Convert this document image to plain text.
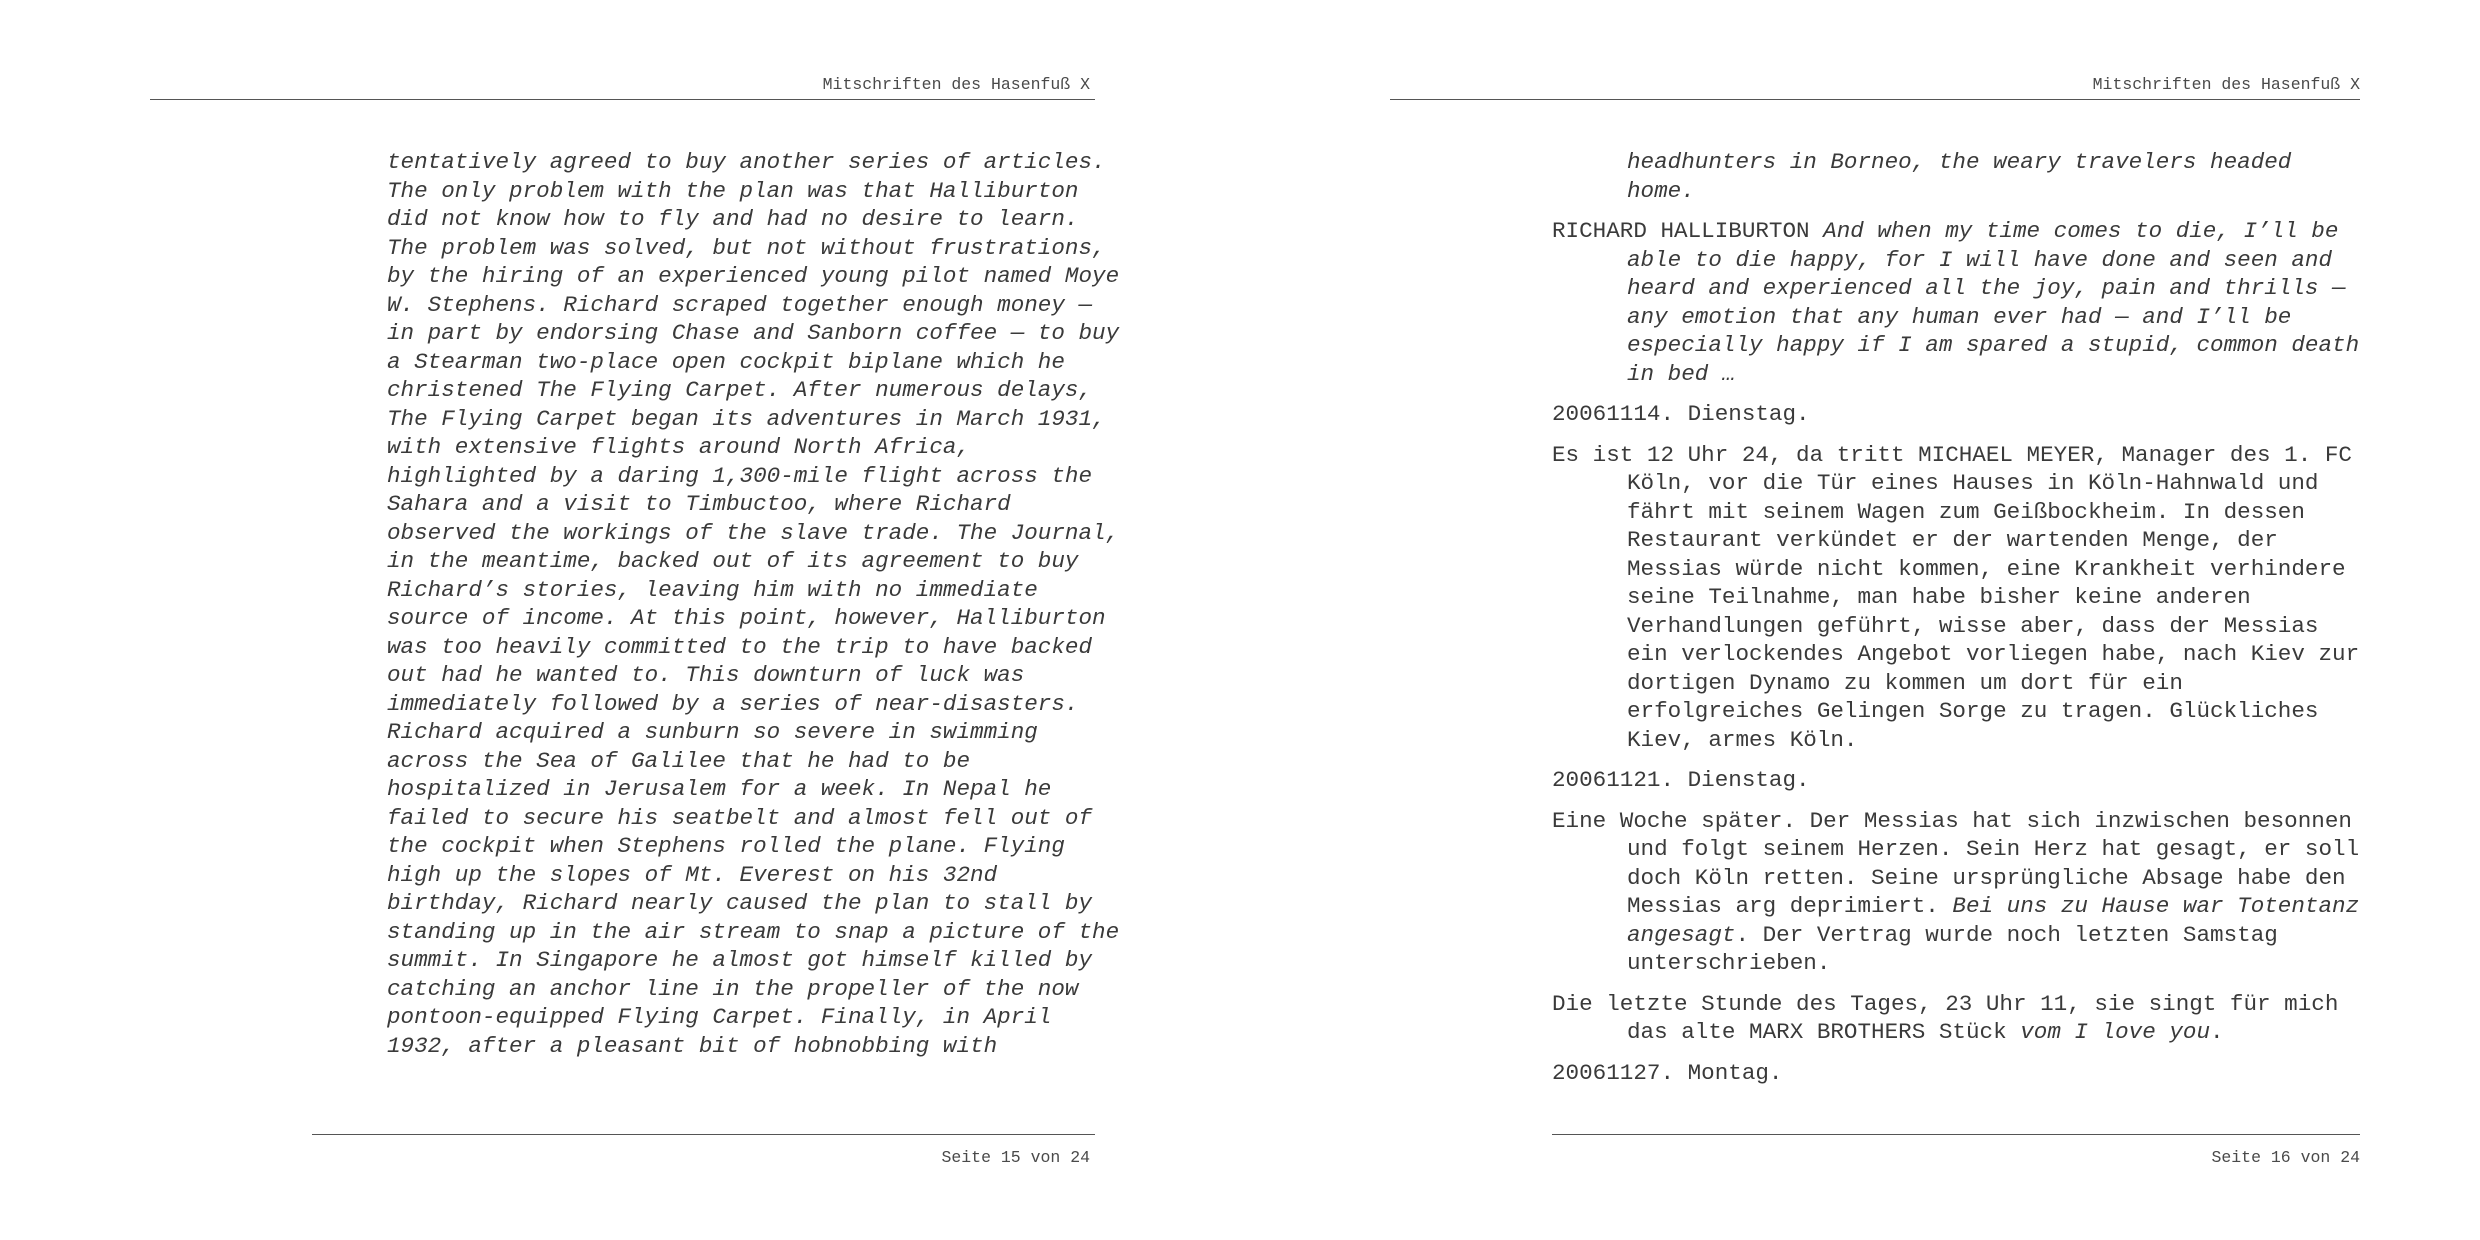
Mitschriften des Hasenfuß X
tentatively agreed to buy another series of articles.
The only problem with the plan was that Halliburton
did not know how to fly and had no desire to learn.
The problem was solved, but not without frustrations,
by the hiring of an experienced young pilot named Moye
W. Stephens. Richard scraped together enough money —
in part by endorsing Chase and Sanborn coffee — to buy
a Stearman two-place open cockpit biplane which he
christened The Flying Carpet. After numerous delays,
The Flying Carpet began its adventures in March 1931,
with extensive flights around North Africa,
highlighted by a daring 1,300-mile flight across the
Sahara and a visit to Timbuctoo, where Richard
observed the workings of the slave trade. The Journal,
in the meantime, backed out of its agreement to buy
Richard’s stories, leaving him with no immediate
source of income. At this point, however, Halliburton
was too heavily committed to the trip to have backed
out had he wanted to. This downturn of luck was
immediately followed by a series of near-disasters.
Richard acquired a sunburn so severe in swimming
across the Sea of Galilee that he had to be
hospitalized in Jerusalem for a week. In Nepal he
failed to secure his seatbelt and almost fell out of
the cockpit when Stephens rolled the plane. Flying
high up the slopes of Mt. Everest on his 32nd
birthday, Richard nearly caused the plan to stall by
standing up in the air stream to snap a picture of the
summit. In Singapore he almost got himself killed by
catching an anchor line in the propeller of the now
pontoon-equipped Flying Carpet. Finally, in April
1932, after a pleasant bit of hobnobbing with
Seite 15 von 24
Mitschriften des Hasenfuß X
headhunters in Borneo, the weary travelers headed
home.
RICHARD HALLIBURTON And when my time comes to die, I’ll be
able to die happy, for I will have done and seen and
heard and experienced all the joy, pain and thrills —
any emotion that any human ever had — and I’ll be
especially happy if I am spared a stupid, common death
in bed …
20061114. Dienstag.
Es ist 12 Uhr 24, da tritt MICHAEL MEYER, Manager des 1. FC
Köln, vor die Tür eines Hauses in Köln-Hahnwald und
fährt mit seinem Wagen zum Geißbockheim. In dessen
Restaurant verkündet er der wartenden Menge, der
Messias würde nicht kommen, eine Krankheit verhindere
seine Teilnahme, man habe bisher keine anderen
Verhandlungen geführt, wisse aber, dass der Messias
ein verlockendes Angebot vorliegen habe, nach Kiev zur
dortigen Dynamo zu kommen um dort für ein
erfolgreiches Gelingen Sorge zu tragen. Glückliches
Kiev, armes Köln.
20061121. Dienstag.
Eine Woche später. Der Messias hat sich inzwischen besonnen
und folgt seinem Herzen. Sein Herz hat gesagt, er soll
doch Köln retten. Seine ursprüngliche Absage habe den
Messias arg deprimiert. Bei uns zu Hause war Totentanz
angesagt. Der Vertrag wurde noch letzten Samstag
unterschrieben.
Die letzte Stunde des Tages, 23 Uhr 11, sie singt für mich
das alte MARX BROTHERS Stück vom I love you.
20061127. Montag.
Seite 16 von 24
